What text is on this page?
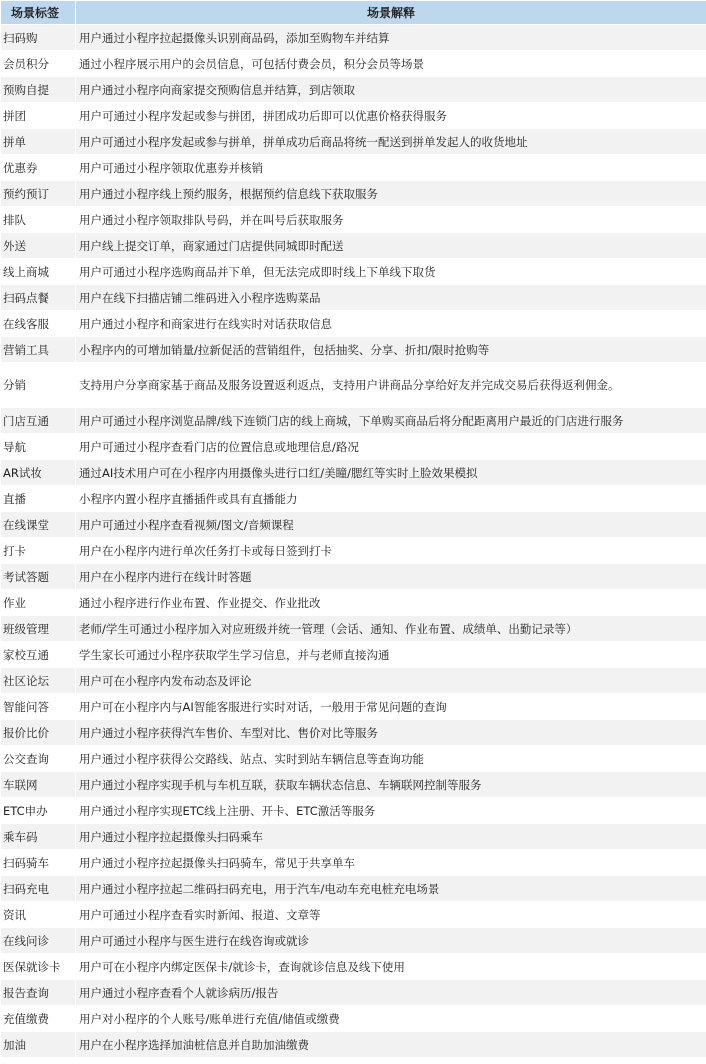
场景标签	场景解释
扫码购	用户通过小程序拉起摄像头识别商品码，添加至购物车并结算
会员积分	通过小程序展示用户的会员信息，可包括付费会员，积分会员等场景
预购自提	用户通过小程序向商家提交预购信息并结算，到店领取
拼团	用户可通过小程序发起或参与拼团，拼团成功后即可以优惠价格获得服务
拼单	用户可通过小程序发起或参与拼单，拼单成功后商品将统一配送到拼单发起人的收货地址
优惠券	用户可通过小程序领取优惠券并核销
预约预订	用户通过小程序线上预约服务，根据预约信息线下获取服务
排队	用户通过小程序领取排队号码，并在叫号后获取服务
外送	用户线上提交订单，商家通过门店提供同城即时配送
线上商城	用户可通过小程序选购商品并下单，但无法完成即时线上下单线下取货
扫码点餐	用户在线下扫描店铺二维码进入小程序选购菜品
在线客服	用户通过小程序和商家进行在线实时对话获取信息
营销工具	小程序内的可增加销量/拉新促活的营销组件，包括抽奖、分享、折扣/限时抢购等
分销	支持用户分享商家基于商品及服务设置返利返点，支持用户讲商品分享给好友并完成交易后获得返利佣金。
门店互通	用户可通过小程序浏览品牌/线下连锁门店的线上商城，下单购买商品后将分配距离用户最近的门店进行服务
导航	用户可通过小程序查看门店的位置信息或地理信息/路况
AR试妆	通过AI技术用户可在小程序内用摄像头进行口红/美瞳/腮红等实时上脸效果模拟
直播	小程序内置小程序直播插件或具有直播能力
在线课堂	用户可通过小程序查看视频/图文/音频课程
打卡	用户在小程序内进行单次任务打卡或每日签到打卡
考试答题	用户在小程序内进行在线计时答题
作业	通过小程序进行作业布置、作业提交、作业批改
班级管理	老师/学生可通过小程序加入对应班级并统一管理（会话、通知、作业布置、成绩单、出勤记录等）
家校互通	学生家长可通过小程序获取学生学习信息，并与老师直接沟通
社区论坛	用户可在小程序内发布动态及评论
智能问答	用户可在小程序内与AI智能客服进行实时对话，一般用于常见问题的查询
报价比价	用户通过小程序获得汽车售价、车型对比、售价对比等服务
公交查询	用户通过小程序获得公交路线、站点、实时到站车辆信息等查询功能
车联网	用户通过小程序实现手机与车机互联，获取车辆状态信息、车辆联网控制等服务
ETC申办	用户通过小程序实现ETC线上注册、开卡、ETC激活等服务
乘车码	用户通过小程序拉起摄像头扫码乘车
扫码骑车	用户通过小程序拉起摄像头扫码骑车，常见于共享单车
扫码充电	用户通过小程序拉起二维码扫码充电，用于汽车/电动车充电桩充电场景
资讯	用户可通过小程序查看实时新闻、报道、文章等
在线问诊	用户可通过小程序与医生进行在线咨询或就诊
医保就诊卡	用户可在小程序内绑定医保卡/就诊卡，查询就诊信息及线下使用
报告查询	用户通过小程序查看个人就诊病历/报告
充值缴费	用户对小程序的个人账号/账单进行充值/储值或缴费
加油	用户在小程序选择加油桩信息并自助加油缴费
